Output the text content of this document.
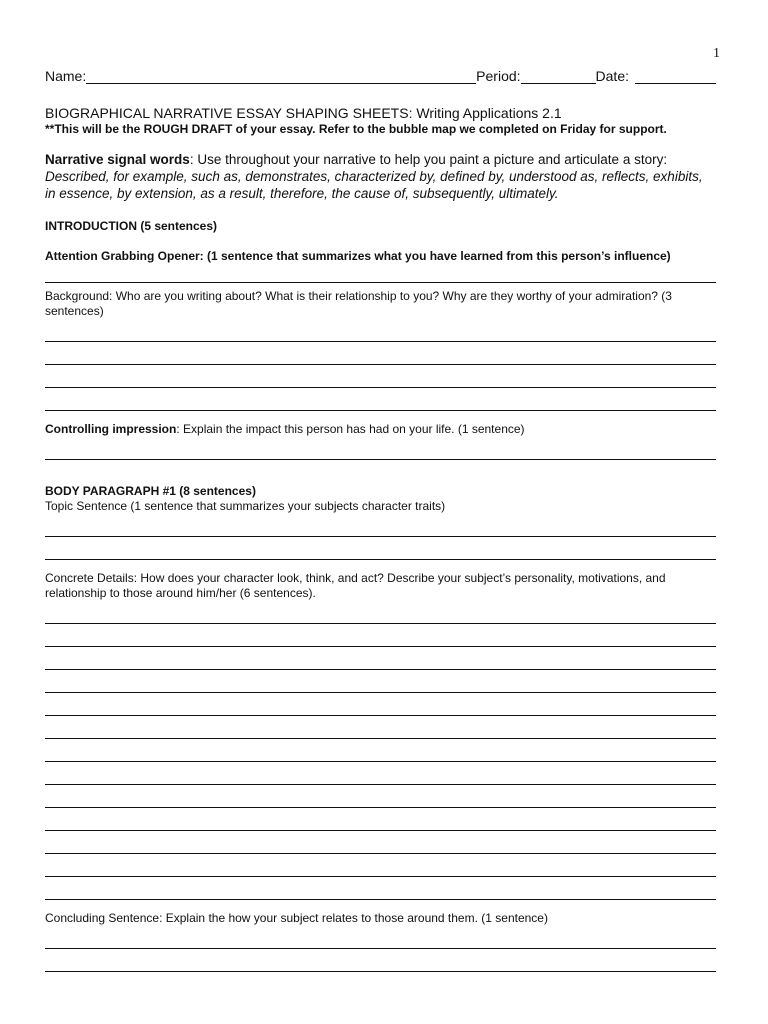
1
Name:	Period:	Date:
BIOGRAPHICAL NARRATIVE ESSAY SHAPING SHEETS: Writing Applications 2.1
**This will be the ROUGH DRAFT of your essay. Refer to the bubble map we completed on Friday for support.
Narrative signal words: Use throughout your narrative to help you paint a picture and articulate a story:
Described, for example, such as, demonstrates, characterized by, defined by, understood as, reflects, exhibits, in essence, by extension, as a result, therefore, the cause of, subsequently, ultimately.
INTRODUCTION (5 sentences)
Attention Grabbing Opener: (1 sentence that summarizes what you have learned from this person’s influence)
Background: Who are you writing about? What is their relationship to you? Why are they worthy of your admiration? (3 sentences)
Controlling impression: Explain the impact this person has had on your life. (1 sentence)
BODY PARAGRAPH #1 (8 sentences)
Topic Sentence (1 sentence that summarizes your subjects character traits)
Concrete Details: How does your character look, think, and act? Describe your subject’s personality, motivations, and relationship to those around him/her (6 sentences).
Concluding Sentence: Explain the how your subject relates to those around them. (1 sentence)
